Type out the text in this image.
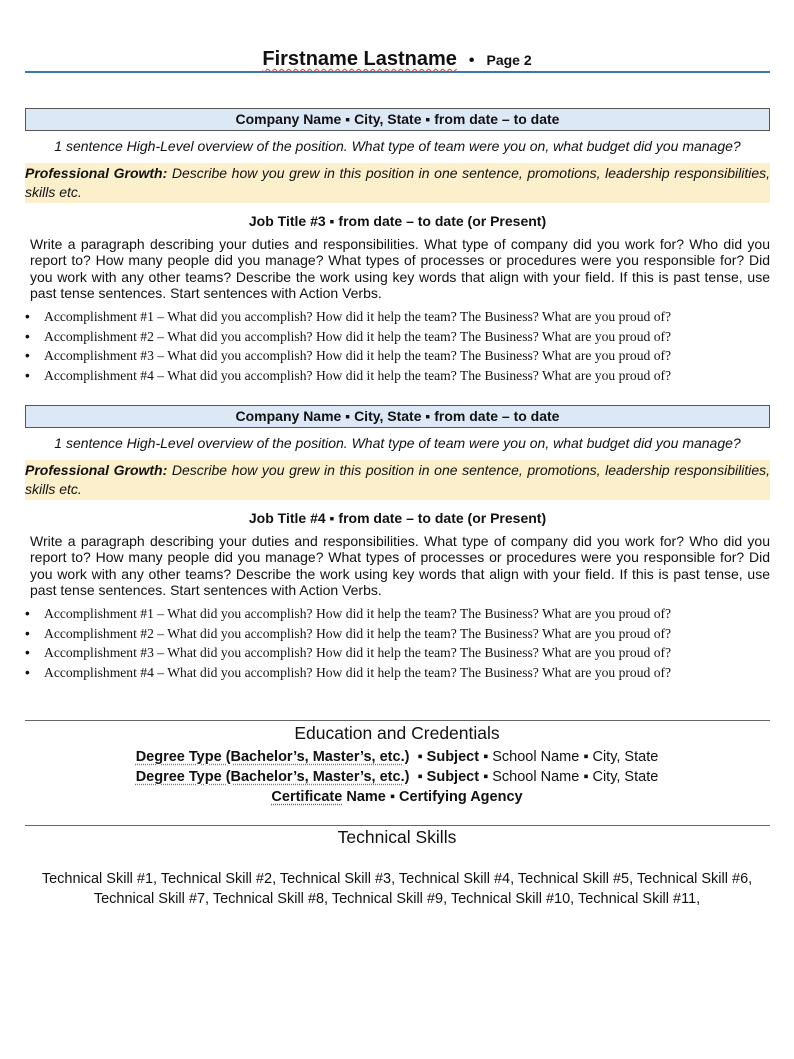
Firstname Lastname • Page 2
Company Name ▪ City, State ▪ from date – to date
1 sentence High-Level overview of the position. What type of team were you on, what budget did you manage?
Professional Growth: Describe how you grew in this position in one sentence, promotions, leadership responsibilities, skills etc.
Job Title #3 ▪ from date – to date (or Present)
Write a paragraph describing your duties and responsibilities. What type of company did you work for? Who did you report to? How many people did you manage? What types of processes or procedures were you responsible for? Did you work with any other teams? Describe the work using key words that align with your field. If this is past tense, use past tense sentences. Start sentences with Action Verbs.
• Accomplishment #1 – What did you accomplish? How did it help the team? The Business? What are you proud of?
• Accomplishment #2 – What did you accomplish? How did it help the team? The Business? What are you proud of?
• Accomplishment #3 – What did you accomplish? How did it help the team? The Business? What are you proud of?
• Accomplishment #4 – What did you accomplish? How did it help the team? The Business? What are you proud of?
Company Name ▪ City, State ▪ from date – to date
1 sentence High-Level overview of the position. What type of team were you on, what budget did you manage?
Professional Growth: Describe how you grew in this position in one sentence, promotions, leadership responsibilities, skills etc.
Job Title #4 ▪ from date – to date (or Present)
Write a paragraph describing your duties and responsibilities. What type of company did you work for? Who did you report to? How many people did you manage? What types of processes or procedures were you responsible for? Did you work with any other teams? Describe the work using key words that align with your field. If this is past tense, use past tense sentences. Start sentences with Action Verbs.
• Accomplishment #1 – What did you accomplish? How did it help the team? The Business? What are you proud of?
• Accomplishment #2 – What did you accomplish? How did it help the team? The Business? What are you proud of?
• Accomplishment #3 – What did you accomplish? How did it help the team? The Business? What are you proud of?
• Accomplishment #4 – What did you accomplish? How did it help the team? The Business? What are you proud of?
Education and Credentials
Degree Type (Bachelor’s, Master’s, etc.)  ▪ Subject ▪ School Name ▪ City, State
Degree Type (Bachelor’s, Master’s, etc.)  ▪ Subject ▪ School Name ▪ City, State
Certificate Name ▪ Certifying Agency
Technical Skills
Technical Skill #1, Technical Skill #2, Technical Skill #3, Technical Skill #4, Technical Skill #5, Technical Skill #6,
Technical Skill #7, Technical Skill #8, Technical Skill #9, Technical Skill #10, Technical Skill #11,
